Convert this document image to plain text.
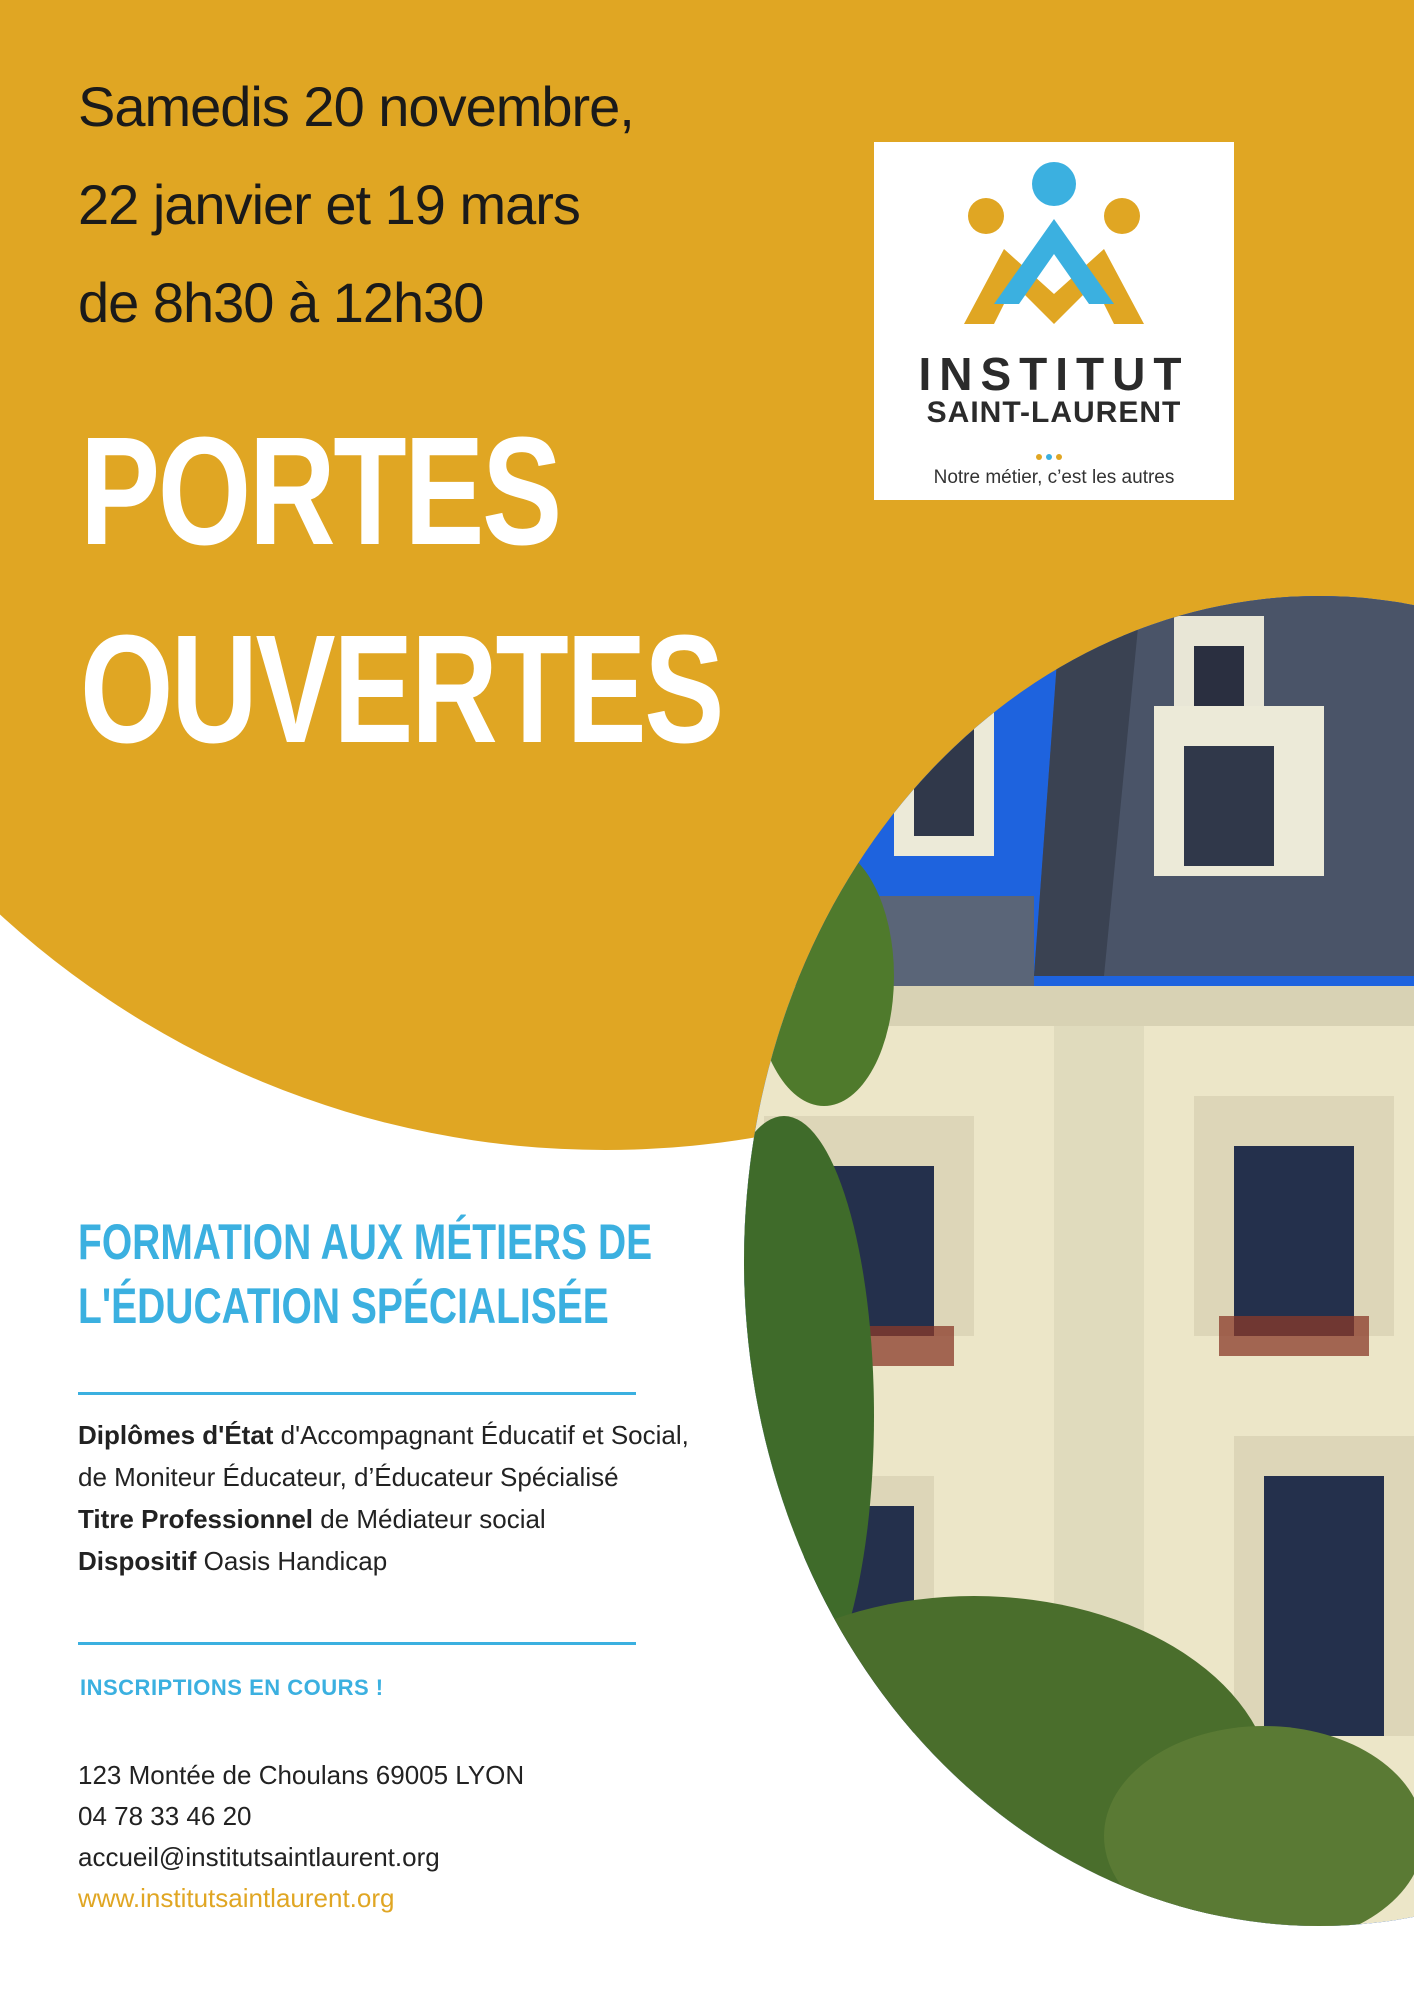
Samedis 20 novembre,
22 janvier et 19 mars
de 8h30 à 12h30
PORTES
OUVERTES
INSTITUT
SAINT-LAURENT
Notre métier, c’est les autres
FORMATION AUX MÉTIERS DE
L'ÉDUCATION SPÉCIALISÉE
Diplômes d'État d'Accompagnant Éducatif et Social, de Moniteur Éducateur, d’Éducateur Spécialisé
Titre Professionnel de Médiateur social
Dispositif Oasis Handicap
INSCRIPTIONS EN COURS !
123 Montée de Choulans 69005 LYON
04 78 33 46 20
accueil@institutsaintlaurent.org
www.institutsaintlaurent.org
